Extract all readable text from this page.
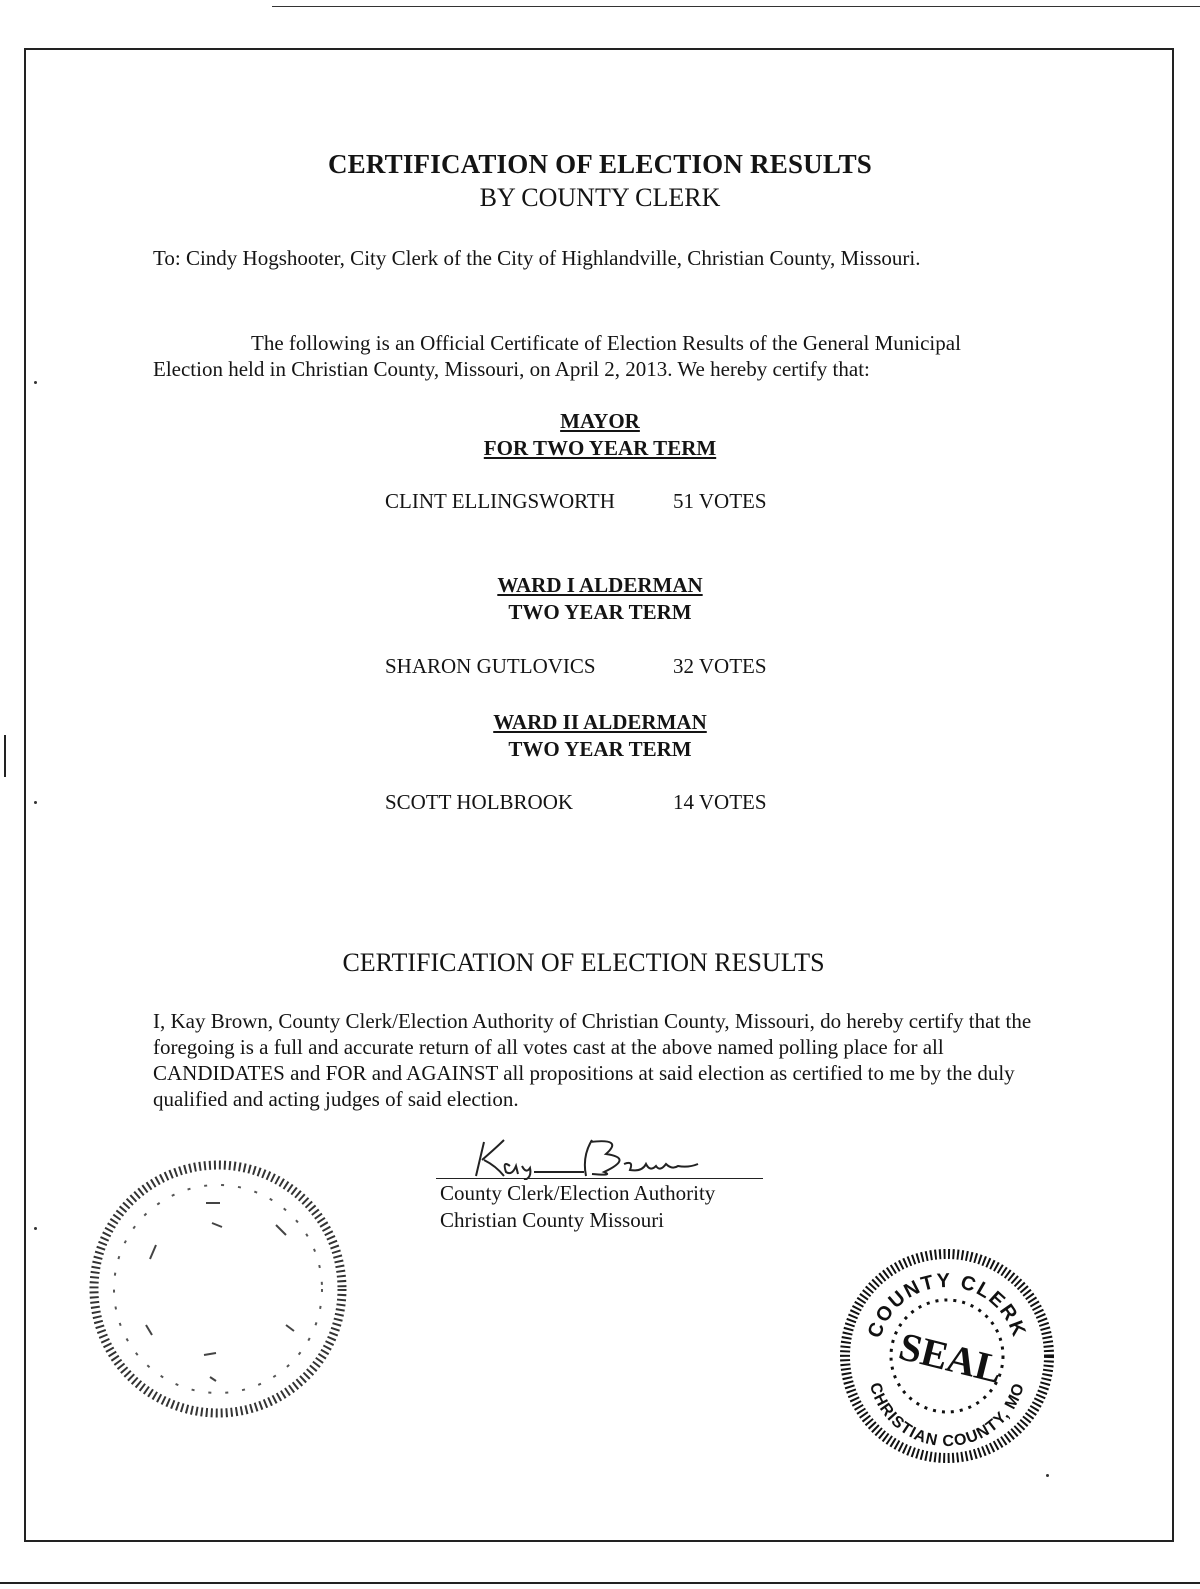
CERTIFICATION OF ELECTION RESULTS
BY COUNTY CLERK
To: Cindy Hogshooter, City Clerk of the City of Highlandville, Christian County, Missouri.
The following is an Official Certificate of Election Results of the General Municipal Election held in Christian County, Missouri, on April 2, 2013. We hereby certify that:
MAYOR
FOR TWO YEAR TERM
CLINT ELLINGSWORTH	51 VOTES
WARD I ALDERMAN
TWO YEAR TERM
SHARON GUTLOVICS	32 VOTES
WARD II ALDERMAN
TWO YEAR TERM
SCOTT HOLBROOK	14 VOTES
CERTIFICATION OF ELECTION RESULTS
I, Kay Brown, County Clerk/Election Authority of Christian County, Missouri, do hereby certify that the foregoing is a full and accurate return of all votes cast at the above named polling place for all CANDIDATES and FOR and AGAINST all propositions at said election as certified to me by the duly qualified and acting judges of said election.
County Clerk/Election Authority
Christian County Missouri
COUNTY CLERK
CHRISTIAN COUNTY, MO
SEAL
